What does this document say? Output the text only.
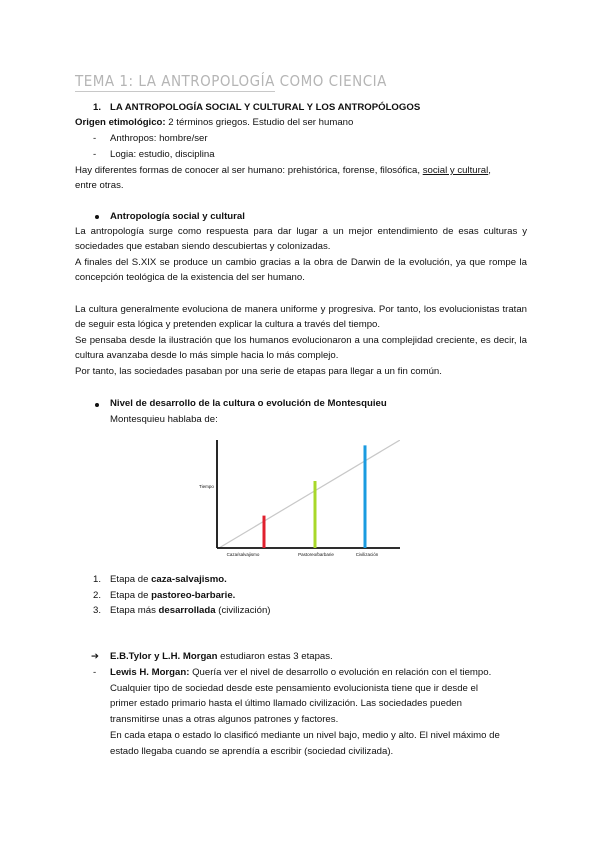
TEMA 1: LA ANTROPOLOGÍA COMO CIENCIA
1. LA ANTROPOLOGÍA SOCIAL Y CULTURAL Y LOS ANTROPÓLOGOS
Origen etimológico: 2 términos griegos. Estudio del ser humano
- Anthropos: hombre/ser
- Logia: estudio, disciplina
Hay diferentes formas de conocer al ser humano: prehistórica, forense, filosófica, social y cultural,
entre otras.
Antropología social y cultural
La antropología surge como respuesta para dar lugar a un mejor entendimiento de esas culturas y sociedades que estaban siendo descubiertas y colonizadas.
A finales del S.XIX se produce un cambio gracias a la obra de Darwin de la evolución, ya que rompe la concepción teológica de la existencia del ser humano.
La cultura generalmente evoluciona de manera uniforme y progresiva. Por tanto, los evolucionistas tratan de seguir esta lógica y pretenden explicar la cultura a través del tiempo.
Se pensaba desde la ilustración que los humanos evolucionaron a una complejidad creciente, es decir, la cultura avanzaba desde lo más simple hacia lo más complejo.
Por tanto, las sociedades pasaban por una serie de etapas para llegar a un fin común.
Nivel de desarrollo de la cultura o evolución de Montesquieu
Montesquieu hablaba de:
Tiempo
Caza/salvajismo	Pastoreo/barbarie	Civilización
1. Etapa de caza-salvajismo.
2. Etapa de pastoreo-barbarie.
3. Etapa más desarrollada (civilización)
➔ E.B.Tylor y L.H. Morgan estudiaron estas 3 etapas.
- Lewis H. Morgan: Quería ver el nivel de desarrollo o evolución en relación con el tiempo.
Cualquier tipo de sociedad desde este pensamiento evolucionista tiene que ir desde el
primer estado primario hasta el último llamado civilización. Las sociedades pueden
transmitirse unas a otras algunos patrones y factores.
En cada etapa o estado lo clasificó mediante un nivel bajo, medio y alto. El nivel máximo de
estado llegaba cuando se aprendía a escribir (sociedad civilizada).
